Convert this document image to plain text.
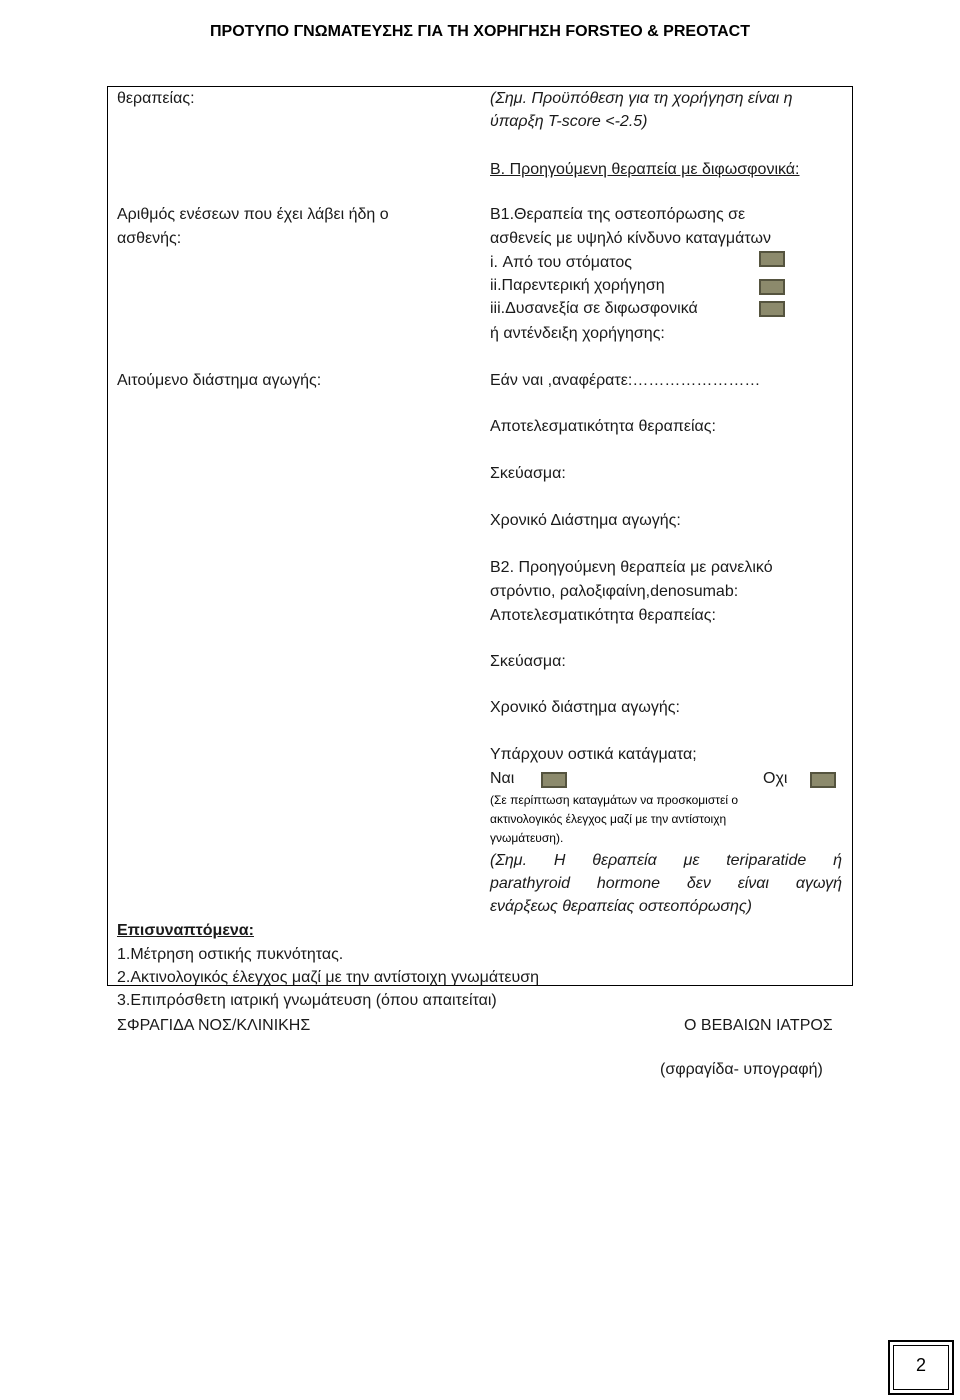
ΠΡΟΤΥΠΟ ΓΝΩΜΑΤΕΥΣΗΣ ΓΙΑ ΤΗ ΧΟΡΗΓΗΣΗ FORSTEO & PREOTACT
θεραπείας:
Αριθμός ενέσεων που έχει λάβει ήδη ο
ασθενής:
Αιτούμενο διάστημα αγωγής:
(Σημ. Προϋπόθεση για τη χορήγηση είναι η
ύπαρξη T-score <-2.5)
Β. Προηγούμενη θεραπεία με διφωσφονικά:
Β1.Θεραπεία της οστεοπόρωσης σε
ασθενείς με υψηλό κίνδυνο καταγμάτων
i. Από του στόματος
ii.Παρεντερική χορήγηση
iii.Δυσανεξία σε διφωσφονικά
ή αντένδειξη χορήγησης:
Εάν ναι ,αναφέρατε:……………………
Αποτελεσματικότητα θεραπείας:
Σκεύασμα:
Χρονικό Διάστημα αγωγής:
Β2. Προηγούμενη θεραπεία με ρανελικό
στρόντιο, ραλοξιφαίνη,denosumab:
Αποτελεσματικότητα θεραπείας:
Σκεύασμα:
Χρονικό διάστημα αγωγής:
Υπάρχουν οστικά κατάγματα;
Ναι	Οχι
(Σε περίπτωση καταγμάτων να προσκομιστεί ο
ακτινολογικός έλεγχος μαζί με την αντίστοιχη
γνωμάτευση).
(Σημ. Η θεραπεία με teriparatide ή
parathyroid hormone δεν είναι αγωγή
ενάρξεως θεραπείας οστεοπόρωσης)
Επισυναπτόμενα:
1.Μέτρηση οστικής πυκνότητας.
2.Ακτινολογικός έλεγχος μαζί με την αντίστοιχη γνωμάτευση
3.Επιπρόσθετη ιατρική γνωμάτευση (όπου απαιτείται)
ΣΦΡΑΓΙΔΑ ΝΟΣ/ΚΛΙΝΙΚΗΣ	Ο ΒΕΒΑΙΩΝ ΙΑΤΡΟΣ
(σφραγίδα- υπογραφή)
2
